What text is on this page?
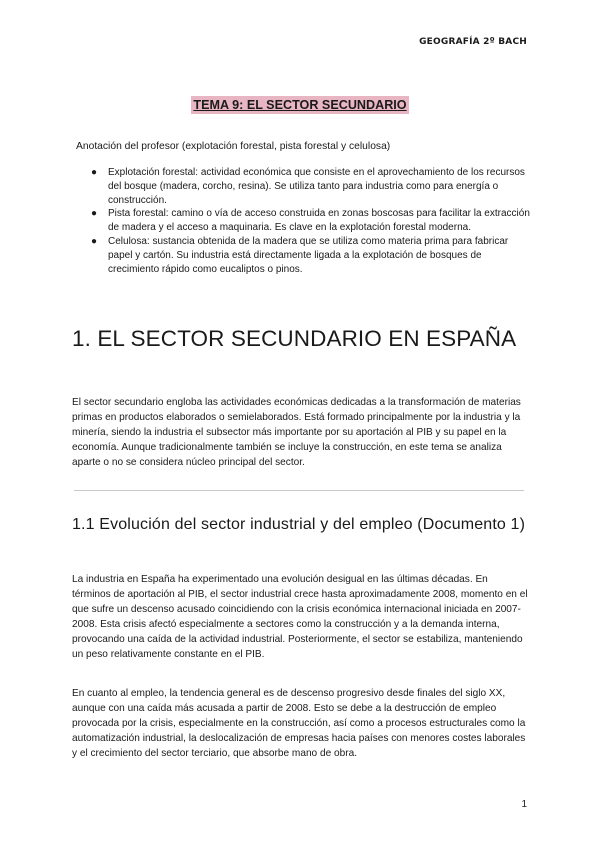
GEOGRAFÍA 2º BACH
TEMA 9: EL SECTOR SECUNDARIO
Anotación del profesor (explotación forestal, pista forestal y celulosa)
● Explotación forestal: actividad económica que consiste en el aprovechamiento de los recursos del bosque (madera, corcho, resina). Se utiliza tanto para industria como para energía o construcción.
● Pista forestal: camino o vía de acceso construida en zonas boscosas para facilitar la extracción de madera y el acceso a maquinaria. Es clave en la explotación forestal moderna.
● Celulosa: sustancia obtenida de la madera que se utiliza como materia prima para fabricar papel y cartón. Su industria está directamente ligada a la explotación de bosques de crecimiento rápido como eucaliptos o pinos.
1. EL SECTOR SECUNDARIO EN ESPAÑA

El sector secundario engloba las actividades económicas dedicadas a la transformación de materias primas en productos elaborados o semielaborados. Está formado principalmente por la industria y la minería, siendo la industria el subsector más importante por su aportación al PIB y su papel en la economía. Aunque tradicionalmente también se incluye la construcción, en este tema se analiza aparte o no se considera núcleo principal del sector.

1.1 Evolución del sector industrial y del empleo (Documento 1)

La industria en España ha experimentado una evolución desigual en las últimas décadas. En términos de aportación al PIB, el sector industrial crece hasta aproximadamente 2008, momento en el que sufre un descenso acusado coincidiendo con la crisis económica internacional iniciada en 2007-2008. Esta crisis afectó especialmente a sectores como la construcción y a la demanda interna, provocando una caída de la actividad industrial. Posteriormente, el sector se estabiliza, manteniendo un peso relativamente constante en el PIB.

En cuanto al empleo, la tendencia general es de descenso progresivo desde finales del siglo XX, aunque con una caída más acusada a partir de 2008. Esto se debe a la destrucción de empleo provocada por la crisis, especialmente en la construcción, así como a procesos estructurales como la automatización industrial, la deslocalización de empresas hacia países con menores costes laborales y el crecimiento del sector terciario, que absorbe mano de obra.

1
